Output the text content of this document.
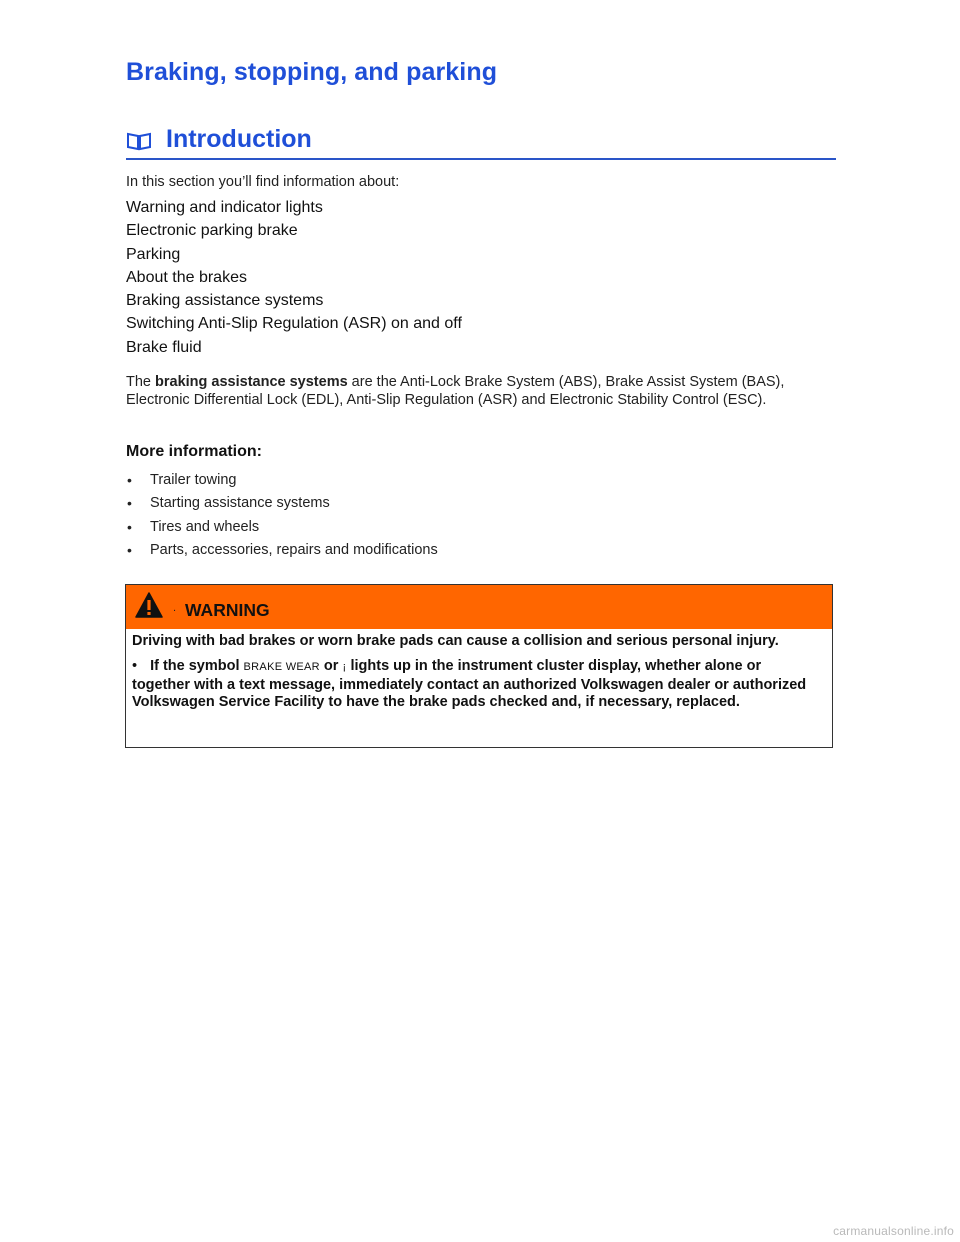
Braking, stopping, and parking
Introduction

In this section you’ll find information about:

Warning and indicator lights
Electronic parking brake
Parking
About the brakes
Braking assistance systems
Switching Anti-Slip Regulation (ASR) on and off
Brake fluid

The braking assistance systems are the Anti-Lock Brake System (ABS), Brake Assist System (BAS), Electronic Differential Lock (EDL), Anti-Slip Regulation (ASR) and Electronic Stability Control (ESC).

More information:
• Trailer towing
• Starting assistance systems
• Tires and wheels
• Parts, accessories, repairs and modifications
. WARNING

Driving with bad brakes or worn brake pads can cause a collision and serious personal injury.

• If the symbol BRAKE WEAR or ¡ lights up in the instrument cluster display, whether alone or together with a text message, immediately contact an authorized Volkswagen dealer or authorized Volkswagen Service Facility to have the brake pads checked and, if necessary, replaced.

carmanualsonline.info
